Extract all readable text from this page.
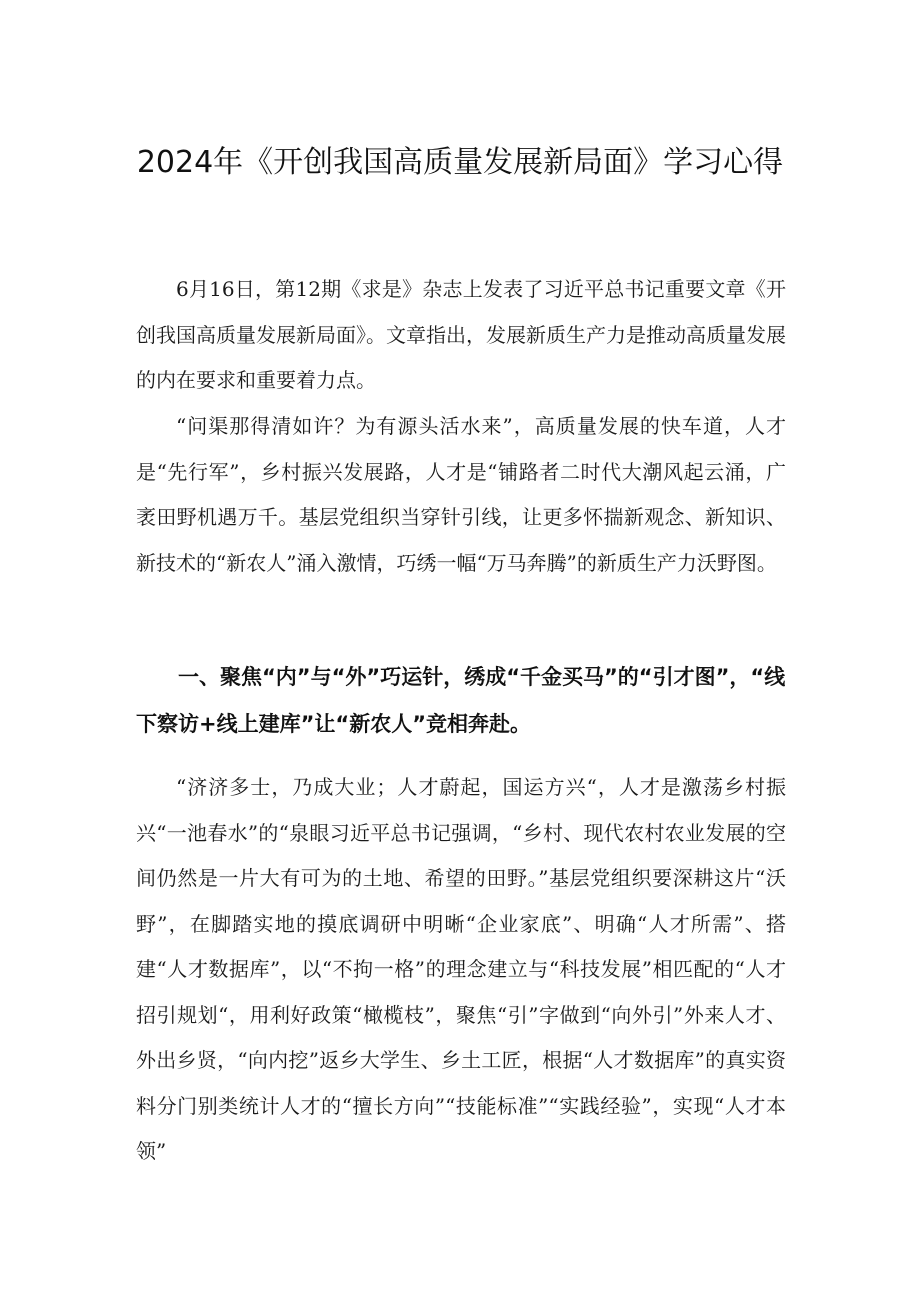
2024年《开创我国高质量发展新局面》学习心得

6月16日，第12期《求是》杂志上发表了习近平总书记重要文章《开创我国高质量发展新局面》。文章指出，发展新质生产力是推动高质量发展的内在要求和重要着力点。

“问渠那得清如许？为有源头活水来”，高质量发展的快车道，人才是“先行军”，乡村振兴发展路，人才是“铺路者二时代大潮风起云涌，广袤田野机遇万千。基层党组织当穿针引线，让更多怀揣新观念、新知识、新技术的“新农人”涌入激情，巧绣一幅“万马奔腾”的新质生产力沃野图。

一、聚焦“内”与“外”巧运针，绣成“千金买马”的“引才图”，“线下察访+线上建库”让“新农人”竞相奔赴。

“济济多士，乃成大业；人才蔚起，国运方兴“，人才是激荡乡村振兴“一池春水”的“泉眼习近平总书记强调，“乡村、现代农村农业发展的空间仍然是一片大有可为的土地、希望的田野。”基层党组织要深耕这片“沃野”，在脚踏实地的摸底调研中明晰“企业家底”、明确“人才所需”、搭建“人才数据库”，以“不拘一格”的理念建立与“科技发展”相匹配的“人才招引规划“，用利好政策“橄榄枝”，聚焦“引”字做到“向外引”外来人才、外出乡贤，“向内挖”返乡大学生、乡土工匠，根据“人才数据库”的真实资料分门别类统计人才的“擅长方向”“技能标准”“实践经验”，实现“人才本领”
